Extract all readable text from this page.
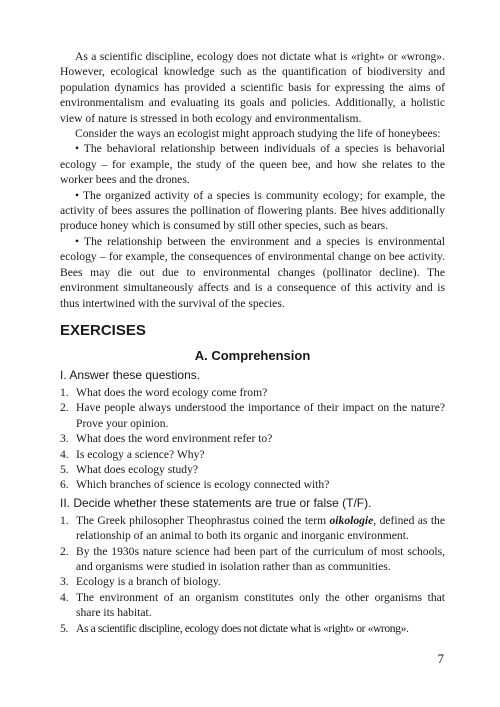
As a scientific discipline, ecology does not dictate what is «right» or «wrong». However, ecological knowledge such as the quantification of biodiversity and population dynamics has provided a scientific basis for expressing the aims of environmentalism and evaluating its goals and policies. Additionally, a holistic view of nature is stressed in both ecology and environmentalism.

Consider the ways an ecologist might approach studying the life of honeybees:

• The behavioral relationship between individuals of a species is behavorial ecology – for example, the study of the queen bee, and how she relates to the worker bees and the drones.

• The organized activity of a species is community ecology; for example, the activity of bees assures the pollination of flowering plants. Bee hives additionally produce honey which is consumed by still other species, such as bears.

• The relationship between the environment and a species is environmental ecology – for example, the consequences of environmental change on bee activity. Bees may die out due to environmental changes (pollinator decline). The environment simultaneously affects and is a consequence of this activity and is thus intertwined with the survival of the species.

EXERCISES
A. Comprehension
I. Answer these questions.
1. What does the word ecology come from?
2. Have people always understood the importance of their impact on the nature? Prove your opinion.
3. What does the word environment refer to?
4. Is ecology a science? Why?
5. What does ecology study?
6. Which branches of science is ecology connected with?
II. Decide whether these statements are true or false (T/F).
1. The Greek philosopher Theophrastus coined the term oikologie, defined as the relationship of an animal to both its organic and inorganic environment.
2. By the 1930s nature science had been part of the curriculum of most schools, and organisms were studied in isolation rather than as communities.
3. Ecology is a branch of biology.
4. The environment of an organism constitutes only the other organisms that share its habitat.
5. As a scientific discipline, ecology does not dictate what is «right» or «wrong».
7
